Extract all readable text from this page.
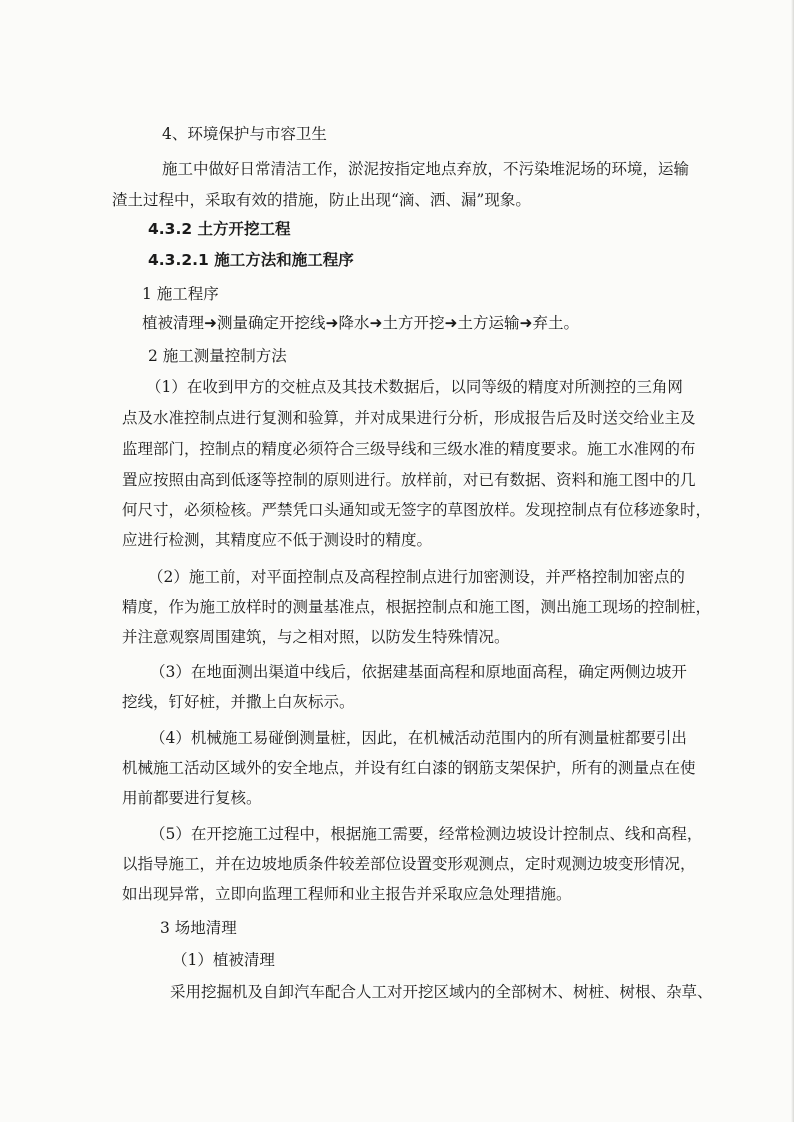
4、环境保护与市容卫生
施工中做好日常清洁工作，淤泥按指定地点弃放，不污染堆泥场的环境，运输
渣土过程中，采取有效的措施，防止出现“滴、洒、漏”现象。
4.3.2 土方开挖工程
4.3.2.1 施工方法和施工程序
1 施工程序
植被清理➜测量确定开挖线➜降水➜土方开挖➜土方运输➜弃土。
2 施工测量控制方法
（1）在收到甲方的交桩点及其技术数据后，以同等级的精度对所测控的三角网
点及水准控制点进行复测和验算，并对成果进行分析，形成报告后及时送交给业主及
监理部门，控制点的精度必须符合三级导线和三级水准的精度要求。施工水准网的布
置应按照由高到低逐等控制的原则进行。放样前，对已有数据、资料和施工图中的几
何尺寸，必须检核。严禁凭口头通知或无签字的草图放样。发现控制点有位移迹象时，
应进行检测，其精度应不低于测设时的精度。
（2）施工前，对平面控制点及高程控制点进行加密测设，并严格控制加密点的
精度，作为施工放样时的测量基准点，根据控制点和施工图，测出施工现场的控制桩，
并注意观察周围建筑，与之相对照，以防发生特殊情况。
（3）在地面测出渠道中线后，依据建基面高程和原地面高程，确定两侧边坡开
挖线，钉好桩，并撒上白灰标示。
（4）机械施工易碰倒测量桩，因此，在机械活动范围内的所有测量桩都要引出
机械施工活动区域外的安全地点，并设有红白漆的钢筋支架保护，所有的测量点在使
用前都要进行复核。
（5）在开挖施工过程中，根据施工需要，经常检测边坡设计控制点、线和高程，
以指导施工，并在边坡地质条件较差部位设置变形观测点，定时观测边坡变形情况，
如出现异常，立即向监理工程师和业主报告并采取应急处理措施。
3 场地清理
（1）植被清理
采用挖掘机及自卸汽车配合人工对开挖区域内的全部树木、树桩、树根、杂草、
